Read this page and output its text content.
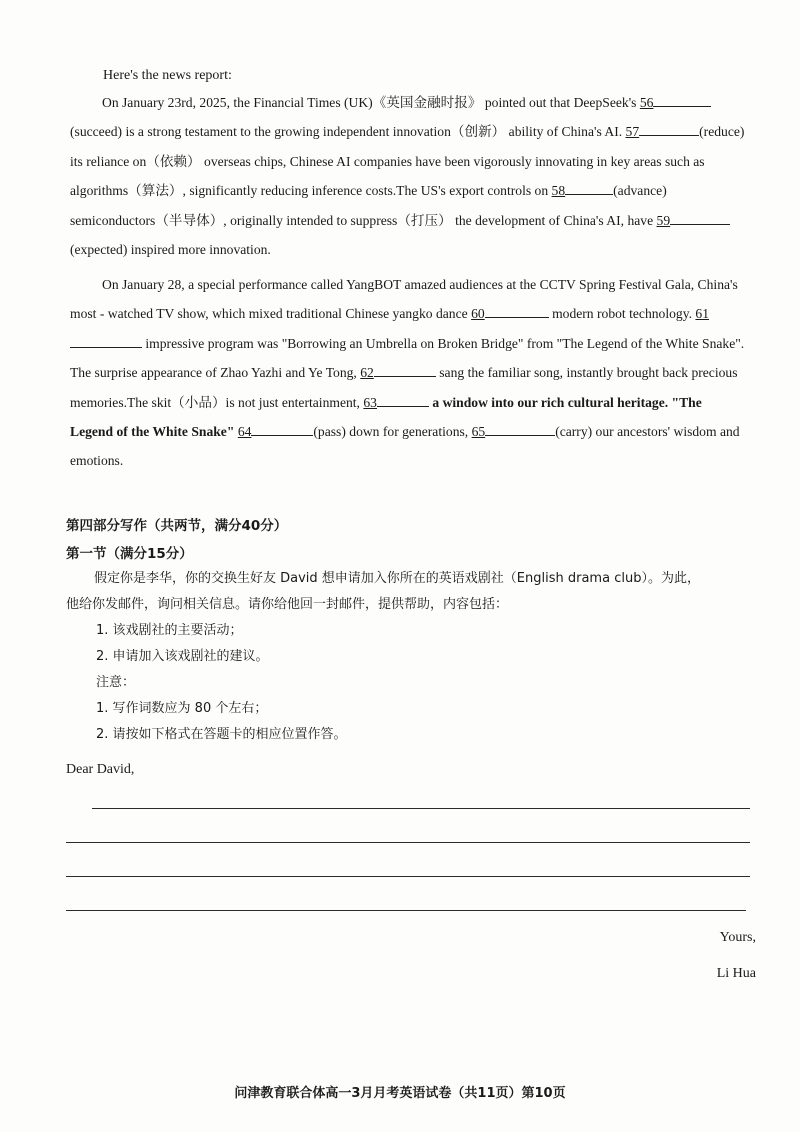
Here's the news report:
On January 23rd, 2025, the Financial Times (UK)《英国金融时报》 pointed out that DeepSeek's 56(succeed) is a strong testament to the growing independent innovation（创新） ability of China's AI. 57	(reduce) its reliance on（依赖） overseas chips, Chinese AI companies have been vigorously innovating in key areas such as algorithms（算法）, significantly reducing inference costs.The US's export controls on 58	(advance) semiconductors（半导体）, originally intended to suppress（打压） the development of China's AI, have 59(expected) inspired more innovation.
On January 28, a special performance called YangBOT amazed audiences at the CCTV Spring Festival Gala, China's most - watched TV show, which mixed traditional Chinese yangko dance 60	modern robot technology. 61 impressive program was "Borrowing an Umbrella on Broken Bridge" from "The Legend of the White Snake". The surprise appearance of Zhao Yazhi and Ye Tong, 62	sang the familiar song, instantly brought back precious memories.The skit（小品）is not just entertainment, 63	a window into our rich cultural heritage. "The Legend of the White Snake" 64	(pass) down for generations, 65	(carry) our ancestors' wisdom and emotions.
第四部分写作（共两节，满分40分）
第一节（满分15分）
假定你是李华，你的交换生好友 David 想申请加入你所在的英语戏剧社（English drama club）。为此，
他给你发邮件，询问相关信息。请你给他回一封邮件，提供帮助，内容包括：
1. 该戏剧社的主要活动；
2. 申请加入该戏剧社的建议。
注意：
1. 写作词数应为 80 个左右；
2. 请按如下格式在答题卡的相应位置作答。
Dear David,
Yours,
Li Hua
问津教育联合体高一3月月考英语试卷（共11页）第10页
